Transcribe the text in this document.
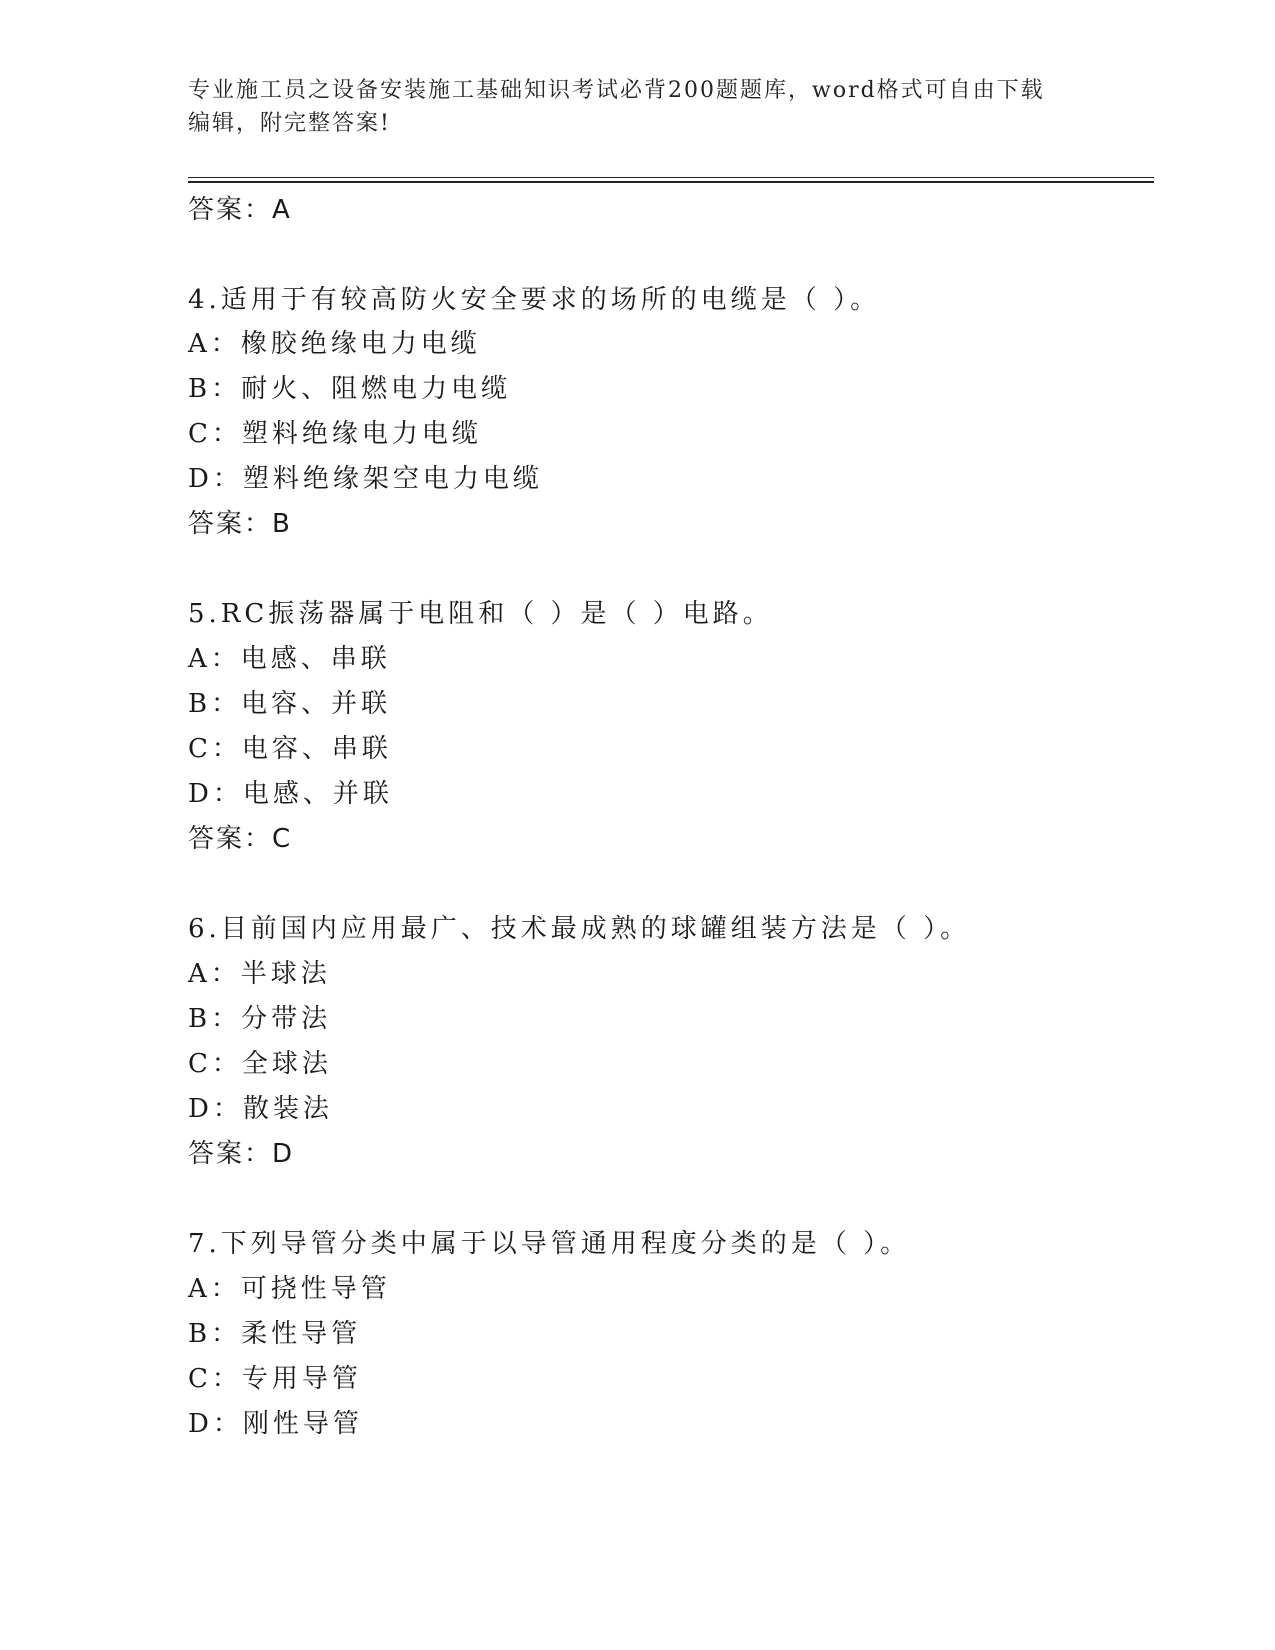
专业施工员之设备安装施工基础知识考试必背200题题库，word格式可自由下载
编辑，附完整答案!
答案：A
4.适用于有较高防火安全要求的场所的电缆是（ ）。
A：橡胶绝缘电力电缆
B：耐火、阻燃电力电缆
C：塑料绝缘电力电缆
D：塑料绝缘架空电力电缆
答案：B
5.RC振荡器属于电阻和（ ）是（ ）电路。
A：电感、串联
B：电容、并联
C：电容、串联
D：电感、并联
答案：C
6.目前国内应用最广、技术最成熟的球罐组装方法是（ ）。
A：半球法
B：分带法
C：全球法
D：散装法
答案：D
7.下列导管分类中属于以导管通用程度分类的是（ ）。
A：可挠性导管
B：柔性导管
C：专用导管
D：刚性导管
